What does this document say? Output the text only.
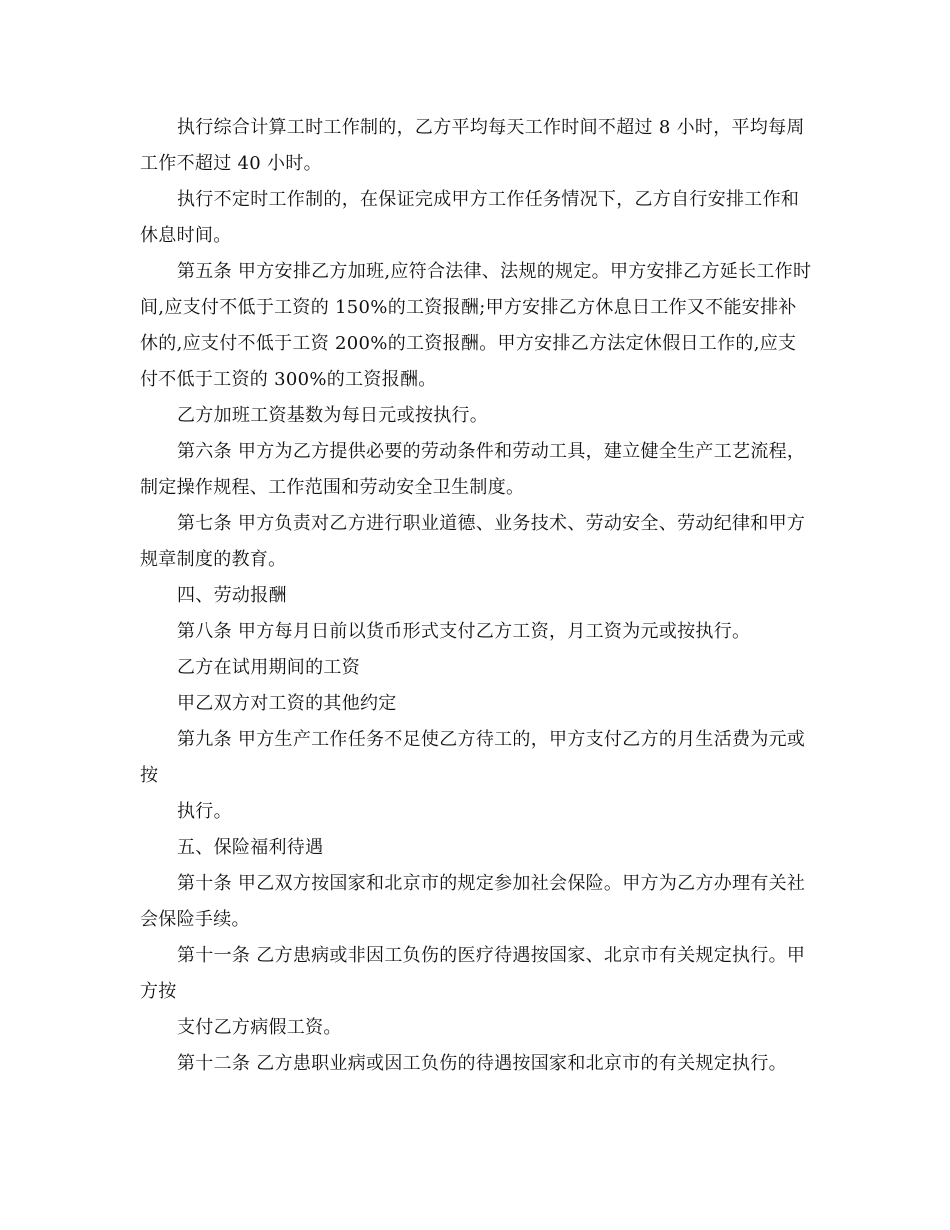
执行综合计算工时工作制的，乙方平均每天工作时间不超过 8 小时，平均每周工作不超过 40 小时。

执行不定时工作制的，在保证完成甲方工作任务情况下，乙方自行安排工作和休息时间。

第五条 甲方安排乙方加班,应符合法律、法规的规定。甲方安排乙方延长工作时间,应支付不低于工资的 150%的工资报酬;甲方安排乙方休息日工作又不能安排补休的,应支付不低于工资 200%的工资报酬。甲方安排乙方法定休假日工作的,应支付不低于工资的 300%的工资报酬。

乙方加班工资基数为每日元或按执行。

第六条 甲方为乙方提供必要的劳动条件和劳动工具，建立健全生产工艺流程，制定操作规程、工作范围和劳动安全卫生制度。

第七条 甲方负责对乙方进行职业道德、业务技术、劳动安全、劳动纪律和甲方规章制度的教育。

四、劳动报酬

第八条 甲方每月日前以货币形式支付乙方工资，月工资为元或按执行。

乙方在试用期间的工资

甲乙双方对工资的其他约定

第九条 甲方生产工作任务不足使乙方待工的，甲方支付乙方的月生活费为元或按

执行。

五、保险福利待遇

第十条 甲乙双方按国家和北京市的规定参加社会保险。甲方为乙方办理有关社会保险手续。

第十一条 乙方患病或非因工负伤的医疗待遇按国家、北京市有关规定执行。甲方按

支付乙方病假工资。

第十二条 乙方患职业病或因工负伤的待遇按国家和北京市的有关规定执行。
